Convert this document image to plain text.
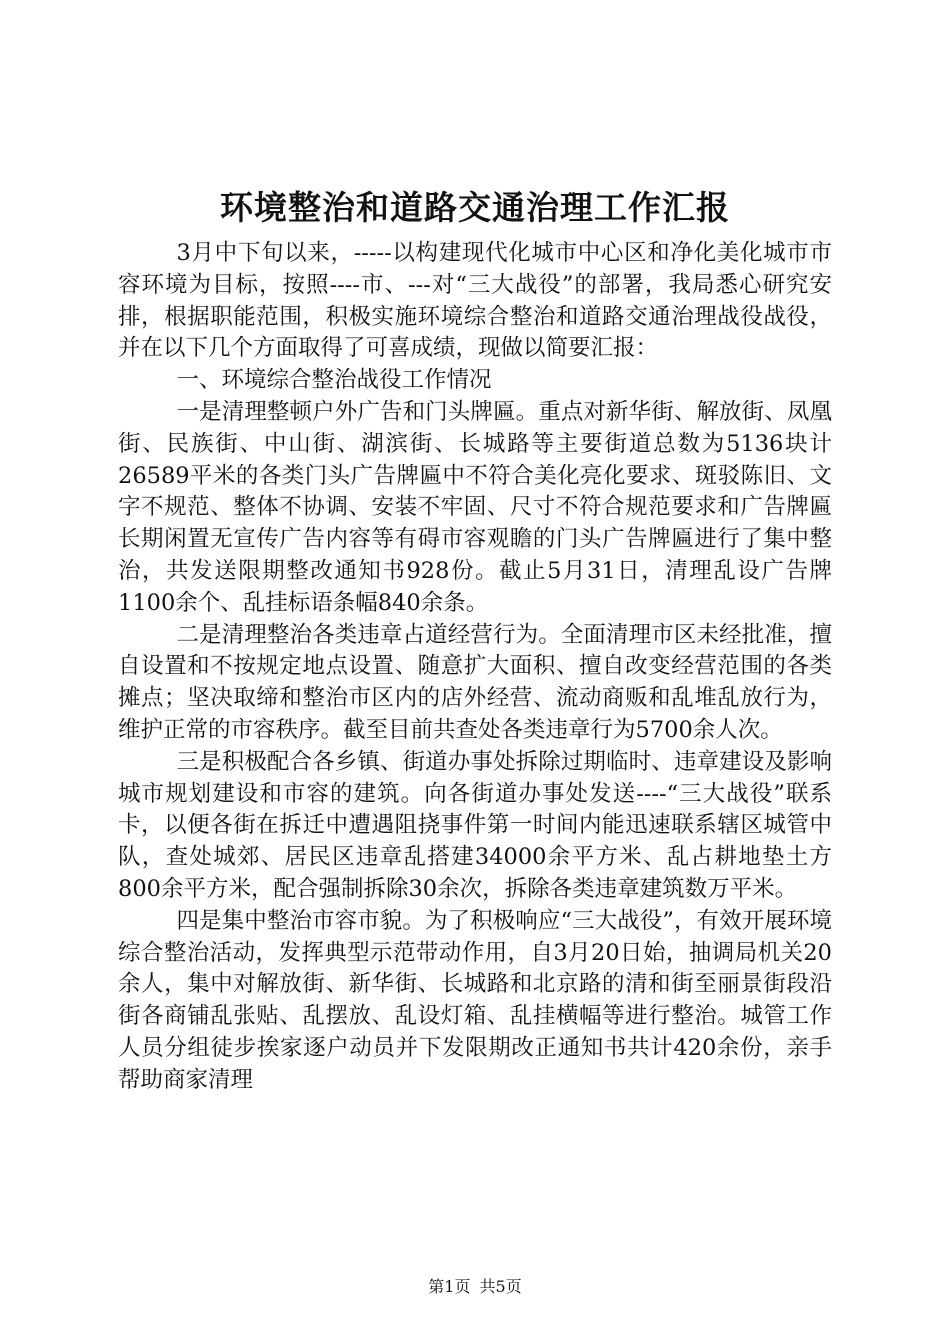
环境整治和道路交通治理工作汇报

3月中下旬以来，-----以构建现代化城市中心区和净化美化城市市容环境为目标，按照----市、---对“三大战役”的部署，我局悉心研究安排，根据职能范围，积极实施环境综合整治和道路交通治理战役战役，并在以下几个方面取得了可喜成绩，现做以简要汇报：

一、环境综合整治战役工作情况

一是清理整顿户外广告和门头牌匾。重点对新华街、解放街、凤凰街、民族街、中山街、湖滨街、长城路等主要街道总数为5136块计26589平米的各类门头广告牌匾中不符合美化亮化要求、斑驳陈旧、文字不规范、整体不协调、安装不牢固、尺寸不符合规范要求和广告牌匾长期闲置无宣传广告内容等有碍市容观瞻的门头广告牌匾进行了集中整治，共发送限期整改通知书928份。截止5月31日，清理乱设广告牌1100余个、乱挂标语条幅840余条。

二是清理整治各类违章占道经营行为。全面清理市区未经批准，擅自设置和不按规定地点设置、随意扩大面积、擅自改变经营范围的各类摊点；坚决取缔和整治市区内的店外经营、流动商贩和乱堆乱放行为，维护正常的市容秩序。截至目前共查处各类违章行为5700余人次。

三是积极配合各乡镇、街道办事处拆除过期临时、违章建设及影响城市规划建设和市容的建筑。向各街道办事处发送----“三大战役”联系卡，以便各街在拆迁中遭遇阻挠事件第一时间内能迅速联系辖区城管中队，查处城郊、居民区违章乱搭建34000余平方米、乱占耕地垫土方800余平方米，配合强制拆除30余次，拆除各类违章建筑数万平米。

四是集中整治市容市貌。为了积极响应“三大战役”，有效开展环境综合整治活动，发挥典型示范带动作用，自3月20日始，抽调局机关20余人，集中对解放街、新华街、长城路和北京路的清和街至丽景街段沿街各商铺乱张贴、乱摆放、乱设灯箱、乱挂横幅等进行整治。城管工作人员分组徒步挨家逐户动员并下发限期改正通知书共计420余份，亲手帮助商家清理

第1页 共5页
